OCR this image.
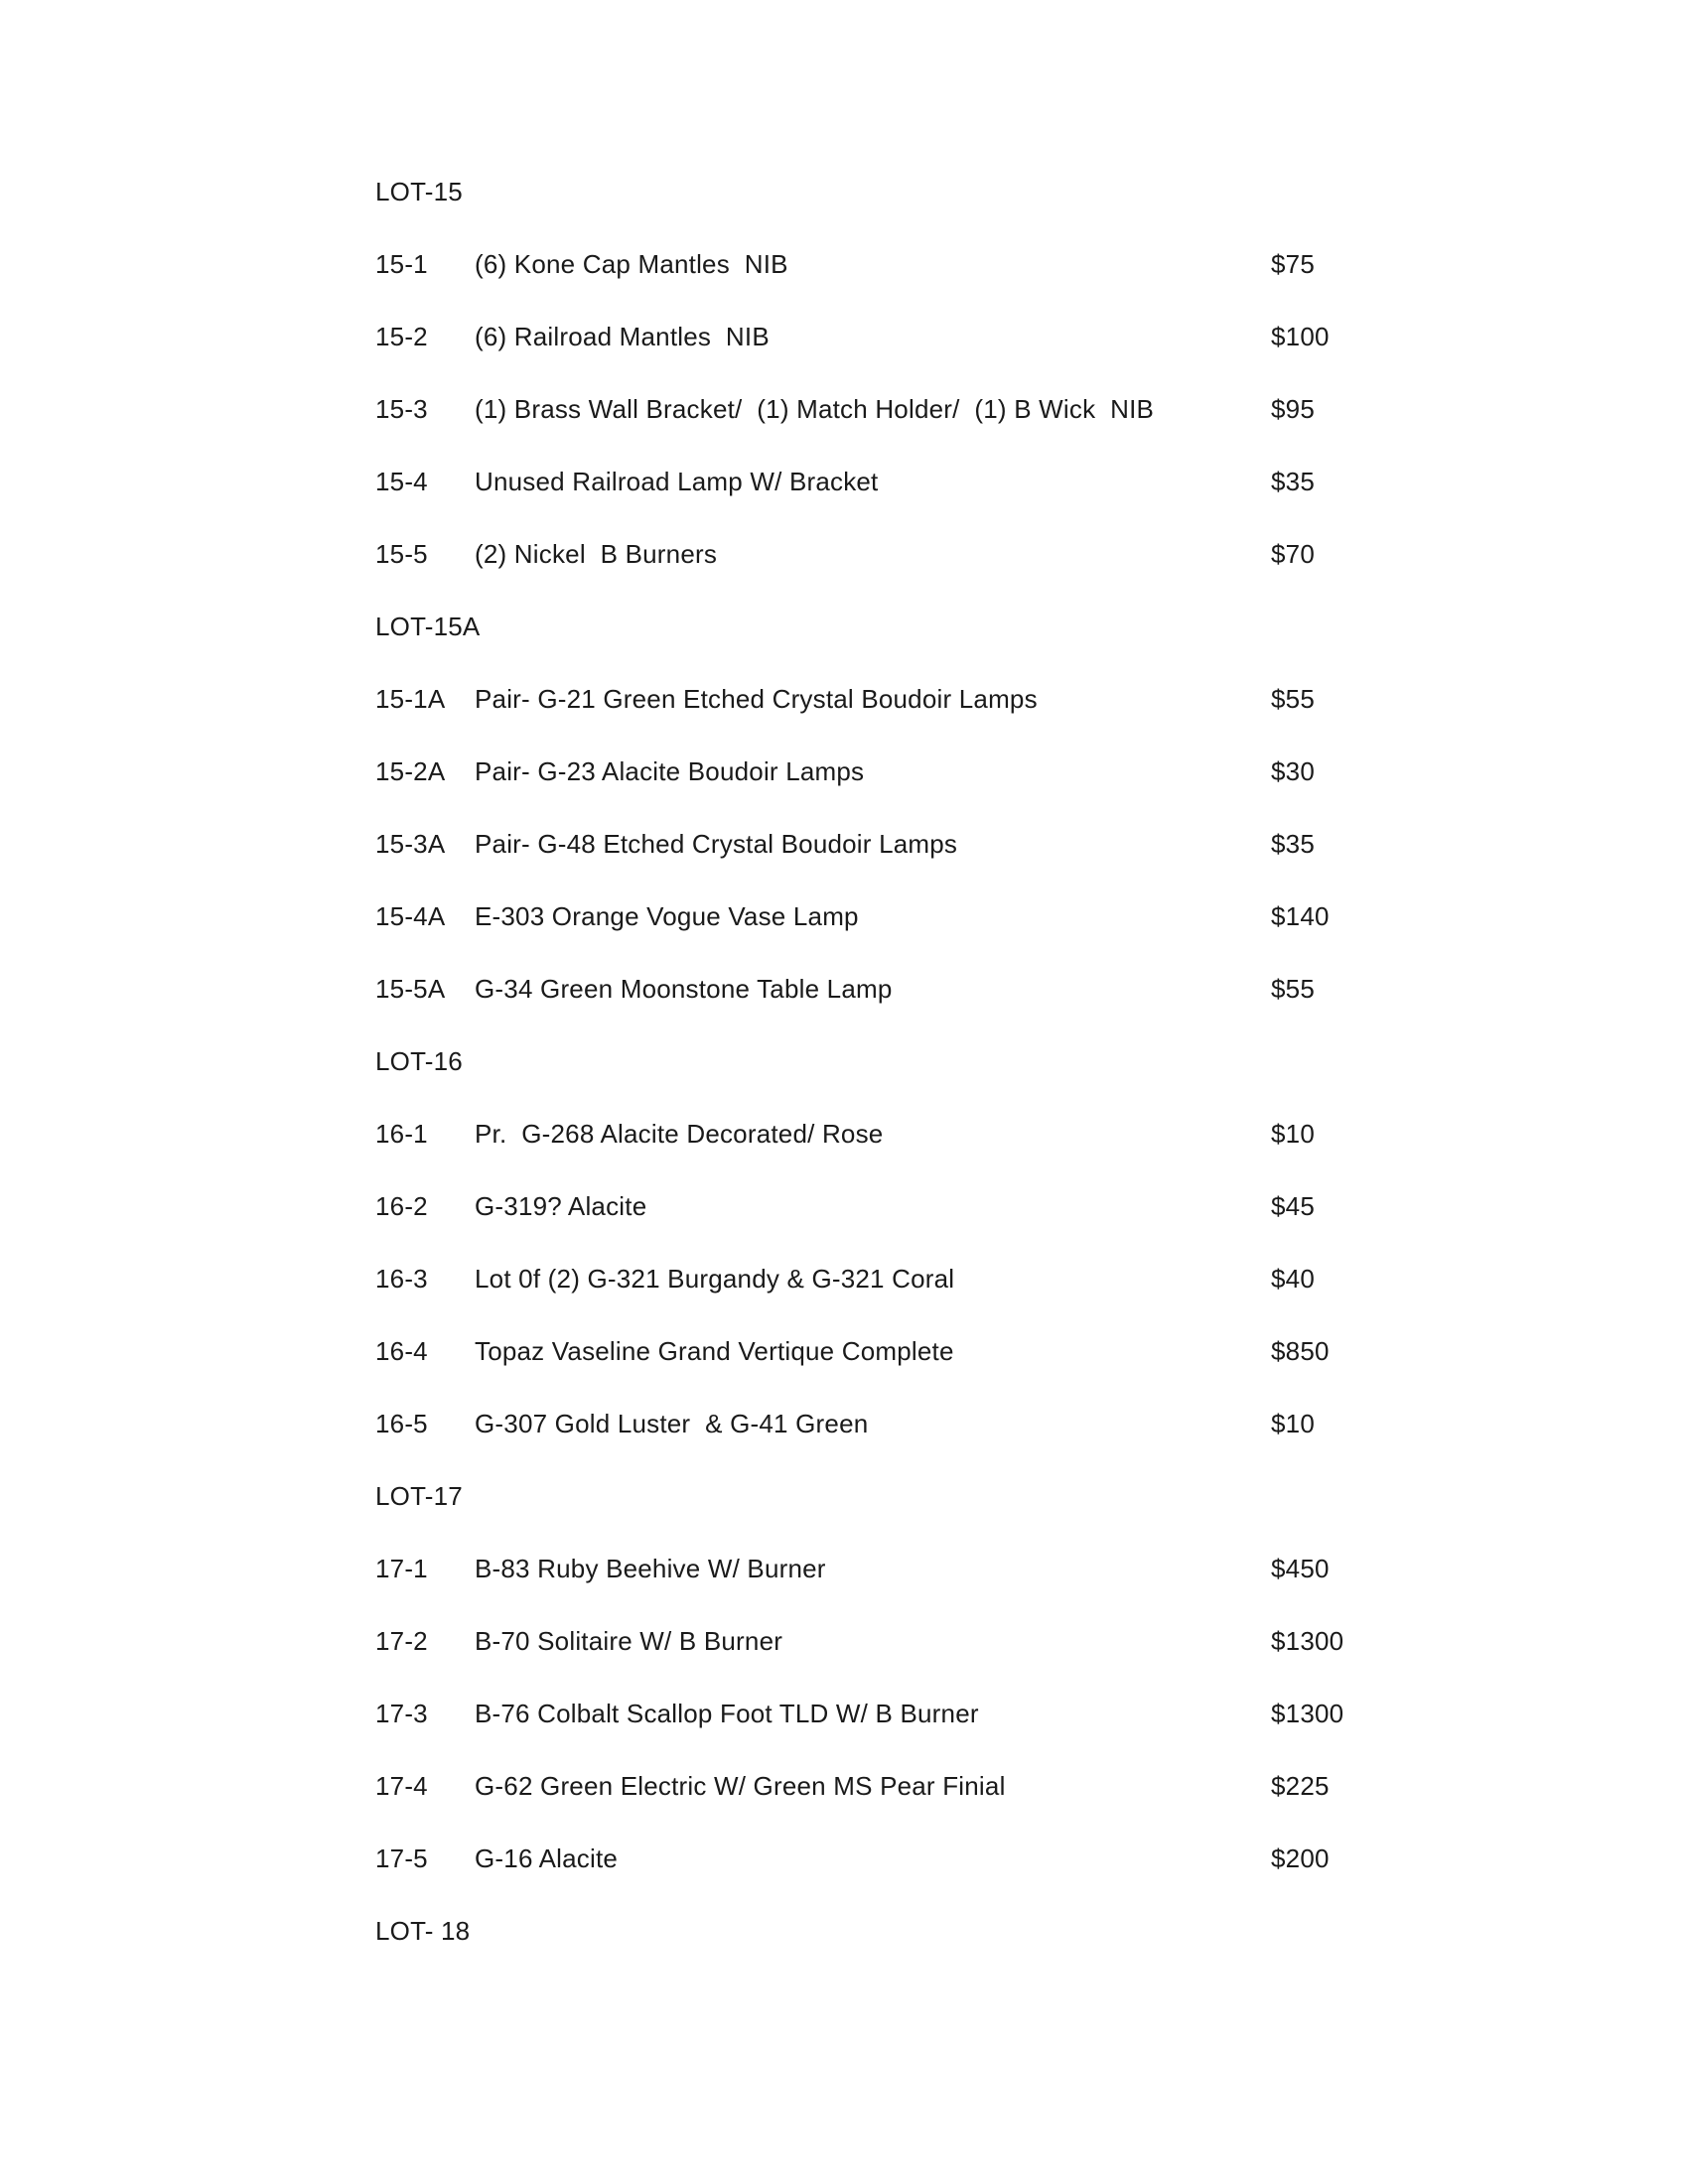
LOT-15
15-1	(6) Kone Cap Mantles  NIB	$75
15-2	(6) Railroad Mantles  NIB	$100
15-3	(1) Brass Wall Bracket/  (1) Match Holder/  (1) B Wick  NIB	$95
15-4	Unused Railroad Lamp W/ Bracket	$35
15-5	(2) Nickel  B Burners	$70
LOT-15A
15-1A	Pair- G-21 Green Etched Crystal Boudoir Lamps	$55
15-2A	Pair- G-23 Alacite Boudoir Lamps	$30
15-3A	Pair- G-48 Etched Crystal Boudoir Lamps	$35
15-4A	E-303 Orange Vogue Vase Lamp	$140
15-5A	G-34 Green Moonstone Table Lamp	$55
LOT-16
16-1	Pr.  G-268 Alacite Decorated/ Rose	$10
16-2	G-319? Alacite	$45
16-3	Lot 0f (2) G-321 Burgandy & G-321 Coral	$40
16-4	Topaz Vaseline Grand Vertique Complete	$850
16-5	G-307 Gold Luster  & G-41 Green	$10
LOT-17
17-1	B-83 Ruby Beehive W/ Burner	$450
17-2	B-70 Solitaire W/ B Burner	$1300
17-3	B-76 Colbalt Scallop Foot TLD W/ B Burner	$1300
17-4	G-62 Green Electric W/ Green MS Pear Finial	$225
17-5	G-16 Alacite	$200
LOT- 18
